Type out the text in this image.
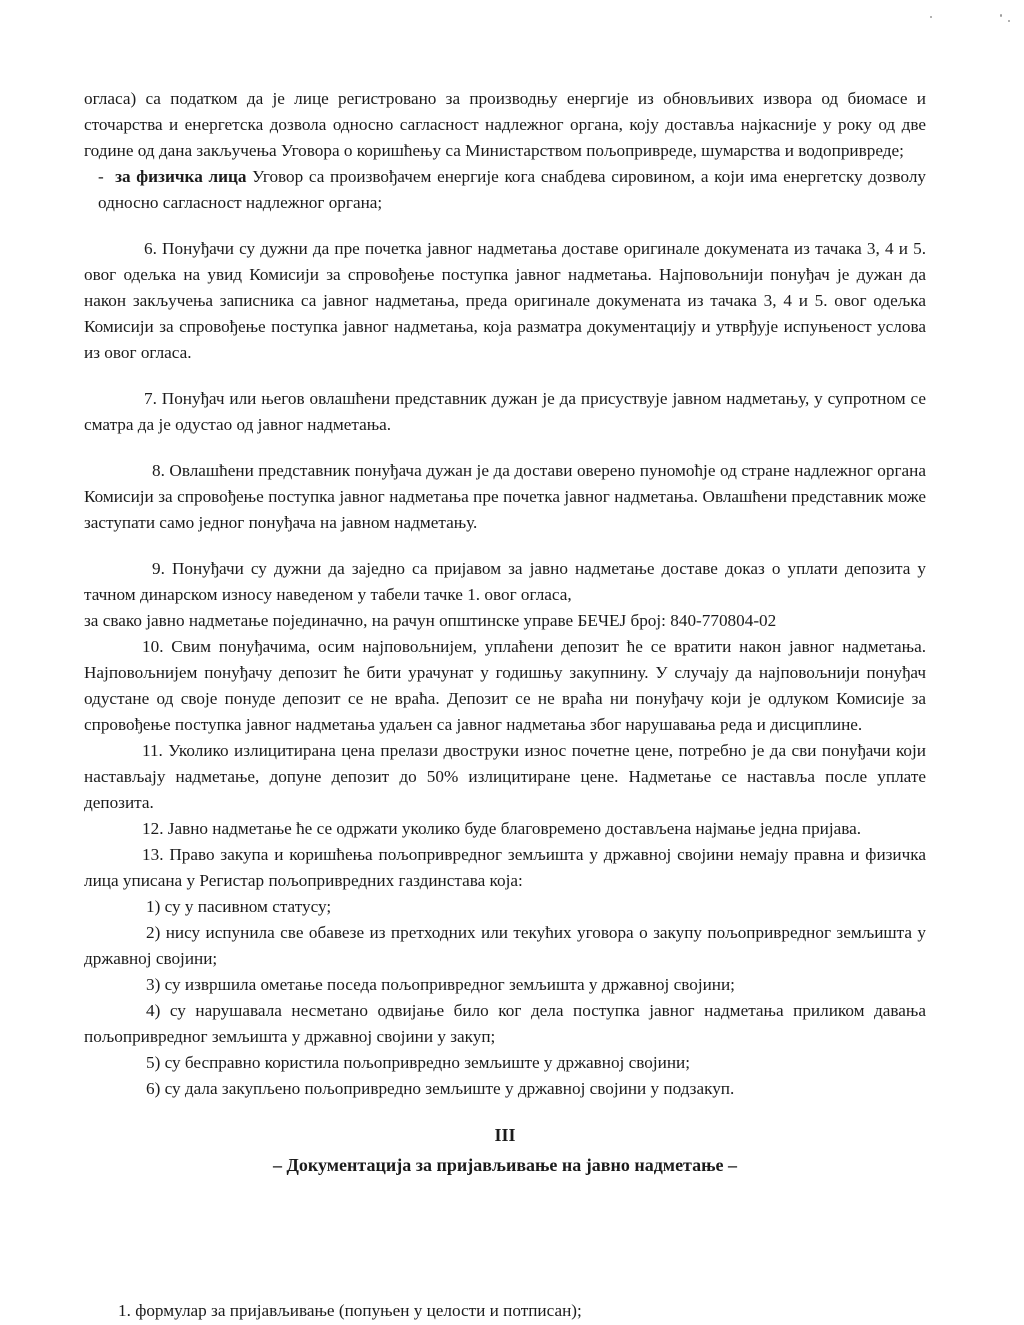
огласа) са податком да је лице регистровано за производњу енергије из обновљивих извора од биомасе и сточарства и енергетска дозвола односно сагласност надлежног органа, коју доставља најкасније у року од две године од дана закључења Уговора о коришћењу са Министарством пољопривреде, шумарства и водопривреде;

- за физичка лица Уговор са произвођачем енергије кога снабдева сировином, а који има енергетску дозволу односно сагласност надлежног органа;

6. Понуђачи су дужни да пре почетка јавног надметања доставе оригинале докумената из тачака 3, 4 и 5. овог одељка на увид Комисији за спровођење поступка јавног надметања. Најповољнији понуђач је дужан да након закључења записника са јавног надметања, преда оригинале докумената из тачака 3, 4 и 5. овог одељка Комисији за спровођење поступка јавног надметања, која разматра документацију и утврђује испуњеност услова из овог огласа.

7. Понуђач или његов овлашћени представник дужан је да присуствује јавном надметању, у супротном се сматра да је одустао од јавног надметања.

8. Овлашћени представник понуђача дужан је да достави оверено пуномоћје од стране надлежног органа Комисији за спровођење поступка јавног надметања пре почетка јавног надметања. Овлашћени представник може заступати само једног понуђача на јавном надметању.

9. Понуђачи су дужни да заједно са пријавом за јавно надметање доставе доказ о уплати депозита у тачном динарском износу наведеном у табели тачке 1. овог огласа,

за свако јавно надметање појединачно, на рачун општинске управе БЕЧЕЈ број: 840-770804-02

10. Свим понуђачима, осим најповољнијем, уплаћени депозит ће се вратити након јавног надметања. Најповољнијем понуђачу депозит ће бити урачунат у годишњу закупнину. У случају да најповољнији понуђач одустане од своје понуде депозит се не враћа. Депозит се не враћа ни понуђачу који је одлуком Комисије за спровођење поступка јавног надметања удаљен са јавног надметања због нарушавања реда и дисциплине.

11. Уколико излицитирана цена прелази двоструки износ почетне цене, потребно је да сви понуђачи који настављају надметање, допуне депозит до 50% излицитиране цене. Надметање се наставља после уплате депозита.

12. Јавно надметање ће се одржати уколико буде благовремено достављена најмање једна пријава.

13. Право закупа и коришћења пољопривредног земљишта у државној својини немају правна и физичка лица уписана у Регистар пољопривредних газдинстава која:

1) су у пасивном статусу;

2) нису испунила све обавезе из претходних или текућих уговора о закупу пољопривредног земљишта у државној својини;

3) су извршила ометање поседа пољопривредног земљишта у државној својини;

4) су нарушавала несметано одвијање било ког дела поступка јавног надметања приликом давања пољопривредног земљишта у државној својини у закуп;

5) су бесправно користила пољопривредно земљиште у државној својини;

6) су дала закупљено пољопривредно земљиште у државној својини у подзакуп.

III
– Документација за пријављивање на јавно надметање –
1. формулар за пријављивање (попуњен у целости и потписан);
